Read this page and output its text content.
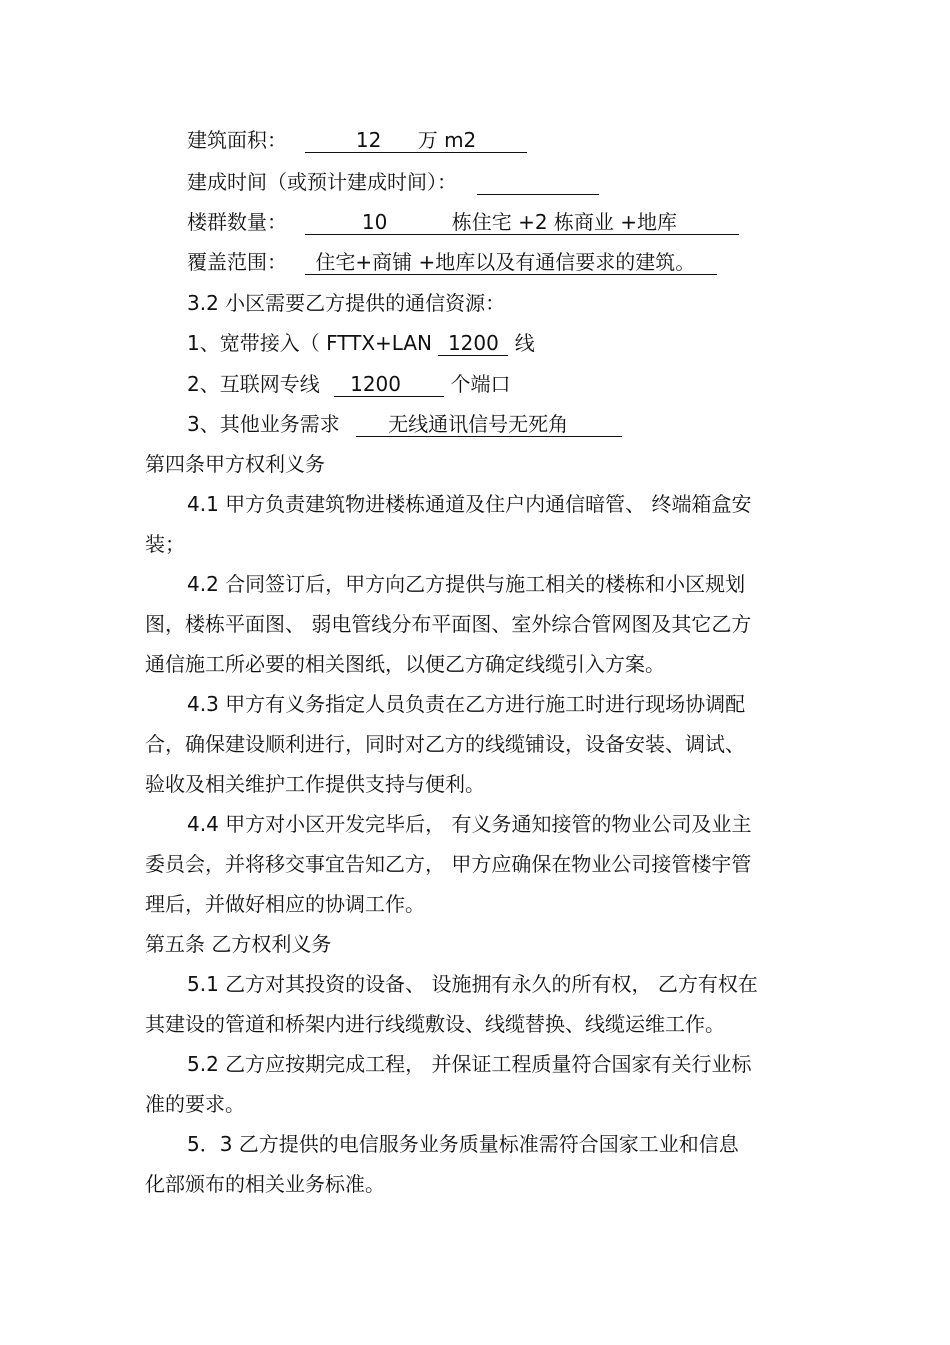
建筑面积：	12 万 m2
建成时间（或预计建成时间）：
楼群数量：	10	栋住宅 +2 栋商业 +地库
覆盖范围： 住宅+商铺 +地库以及有通信要求的建筑。
3.2 小区需要乙方提供的通信资源：
1、宽带接入（ FTTX+LAN 1200 线
2、互联网专线 1200 个端口
3、其他业务需求 无线通讯信号无死角
第四条甲方权利义务
4.1 甲方负责建筑物进楼栋通道及住户内通信暗管、 终端箱盒安
装；
4.2 合同签订后，甲方向乙方提供与施工相关的楼栋和小区规划
图，楼栋平面图、 弱电管线分布平面图、室外综合管网图及其它乙方
通信施工所必要的相关图纸，以便乙方确定线缆引入方案。
4.3 甲方有义务指定人员负责在乙方进行施工时进行现场协调配
合，确保建设顺利进行，同时对乙方的线缆铺设，设备安装、调试、
验收及相关维护工作提供支持与便利。
4.4 甲方对小区开发完毕后， 有义务通知接管的物业公司及业主
委员会，并将移交事宜告知乙方， 甲方应确保在物业公司接管楼宇管
理后，并做好相应的协调工作。
第五条 乙方权利义务
5.1 乙方对其投资的设备、 设施拥有永久的所有权， 乙方有权在
其建设的管道和桥架内进行线缆敷设、线缆替换、线缆运维工作。
5.2 乙方应按期完成工程， 并保证工程质量符合国家有关行业标
准的要求。
5．3 乙方提供的电信服务业务质量标准需符合国家工业和信息
化部颁布的相关业务标准。
